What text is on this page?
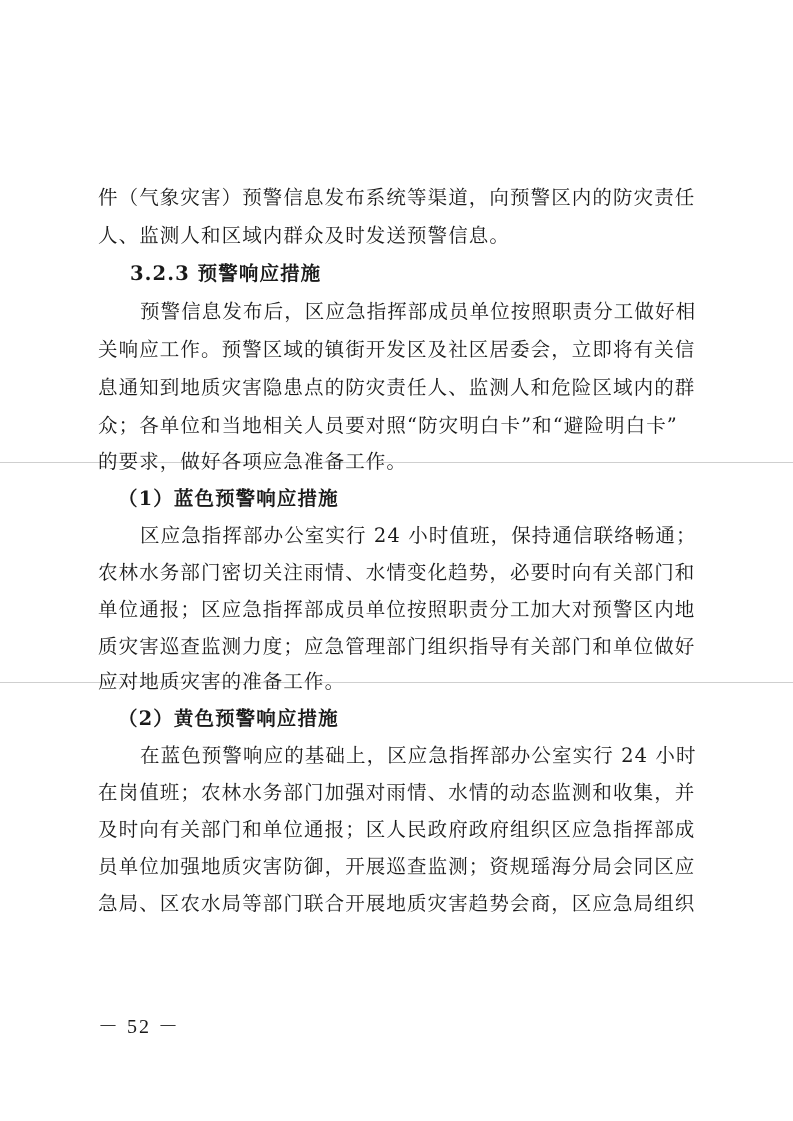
件（气象灾害）预警信息发布系统等渠道，向预警区内的防灾责任
人、监测人和区域内群众及时发送预警信息。
3.2.3 预警响应措施
预警信息发布后，区应急指挥部成员单位按照职责分工做好相
关响应工作。预警区域的镇街开发区及社区居委会，立即将有关信
息通知到地质灾害隐患点的防灾责任人、监测人和危险区域内的群
众；各单位和当地相关人员要对照“防灾明白卡”和“避险明白卡”
的要求，做好各项应急准备工作。
（1）蓝色预警响应措施
区应急指挥部办公室实行 24 小时值班，保持通信联络畅通；
农林水务部门密切关注雨情、水情变化趋势，必要时向有关部门和
单位通报；区应急指挥部成员单位按照职责分工加大对预警区内地
质灾害巡查监测力度；应急管理部门组织指导有关部门和单位做好
应对地质灾害的准备工作。
（2）黄色预警响应措施
在蓝色预警响应的基础上，区应急指挥部办公室实行 24 小时
在岗值班；农林水务部门加强对雨情、水情的动态监测和收集，并
及时向有关部门和单位通报；区人民政府政府组织区应急指挥部成
员单位加强地质灾害防御，开展巡查监测；资规瑶海分局会同区应
急局、区农水局等部门联合开展地质灾害趋势会商，区应急局组织
－ 52 －
